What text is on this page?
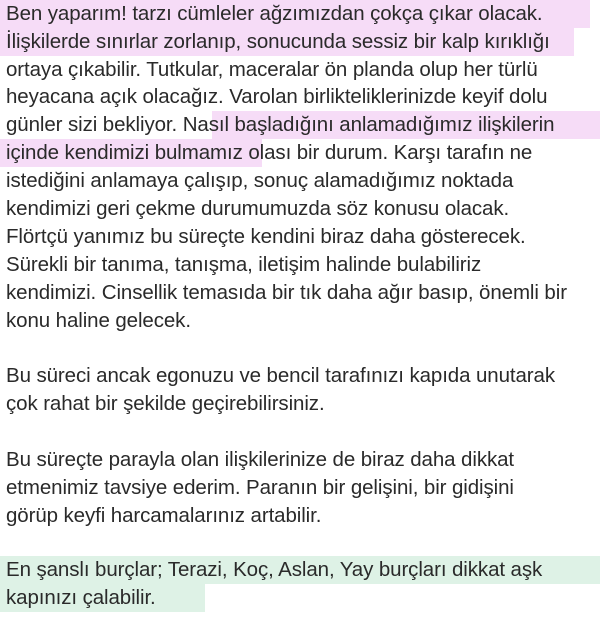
Ben yaparım! tarzı cümleler ağzımızdan çokça çıkar olacak.
İlişkilerde sınırlar zorlanıp, sonucunda sessiz bir kalp kırıklığı
ortaya çıkabilir. Tutkular, maceralar ön planda olup her türlü
heyacana açık olacağız. Varolan birlikteliklerinizde keyif dolu
günler sizi bekliyor. Nasıl başladığını anlamadığımız ilişkilerin
içinde kendimizi bulmamız olası bir durum. Karşı tarafın ne
istediğini anlamaya çalışıp, sonuç alamadığımız noktada
kendimizi geri çekme durumumuzda söz konusu olacak.
Flörtçü yanımız bu süreçte kendini biraz daha gösterecek.
Sürekli bir tanıma, tanışma, iletişim halinde bulabiliriz
kendimizi. Cinsellik temasıda bir tık daha ağır basıp, önemli bir
konu haline gelecek.
Bu süreci ancak egonuzu ve bencil tarafınızı kapıda unutarak
çok rahat bir şekilde geçirebilirsiniz.
Bu süreçte parayla olan ilişkilerinize de biraz daha dikkat
etmenimiz tavsiye ederim. Paranın bir gelişini, bir gidişini
görüp keyfi harcamalarınız artabilir.
En şanslı burçlar; Terazi, Koç, Aslan, Yay burçları dikkat aşk
kapınızı çalabilir.
